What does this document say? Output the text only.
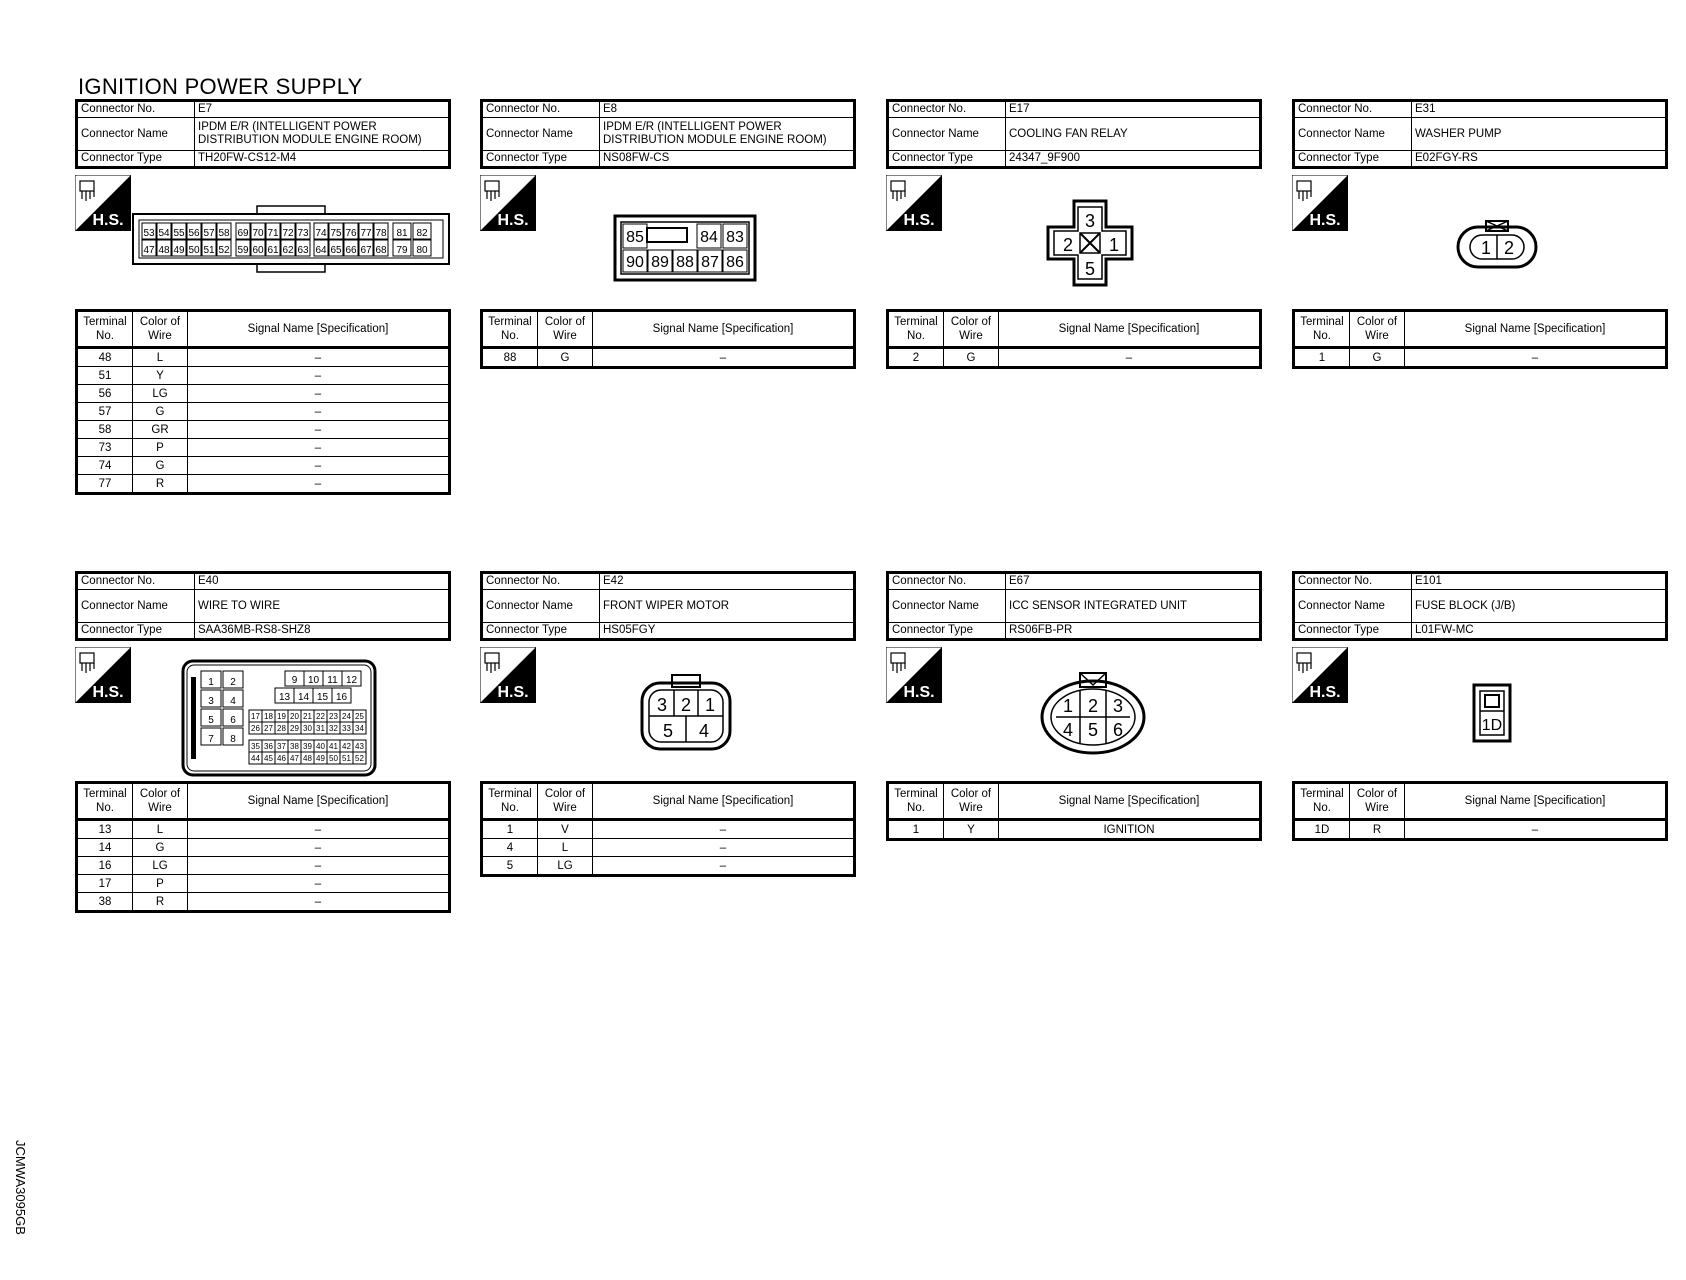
IGNITION POWER SUPPLY
Connector No.	E7
Connector Name	IPDM E/R (INTELLIGENT POWER DISTRIBUTION MODULE ENGINE ROOM)
Connector Type	TH20FW-CS12-M4
H.S.
53
47
54
48
55
49
56
50
57
51
58
52
69
59
70
60
71
61
72
62
73
63
74
64
75
65
76
66
77
67
78
68
81
79
82
80
Terminal No.	Color of Wire	Signal Name [Specification]
48	L	–
51	Y	–
56	LG	–
57	G	–
58	GR	–
73	P	–
74	G	–
77	R	–
Connector No.	E8
Connector Name	IPDM E/R (INTELLIGENT POWER DISTRIBUTION MODULE ENGINE ROOM)
Connector Type	NS08FW-CS
H.S.
85	84 83
90 89 88 87 86
Terminal No.	Color of Wire	Signal Name [Specification]
88	G	–
Connector No.	E17
Connector Name	COOLING FAN RELAY
Connector Type	24347_9F900
H.S.	3
2 1
5
Terminal No.	Color of Wire	Signal Name [Specification]
2	G	–
Connector No.	E31
Connector Name	WASHER PUMP
Connector Type	E02FGY-RS
H.S.
1 2
Terminal No.	Color of Wire	Signal Name [Specification]
1	G	–
Connector No.	E40
Connector Name	WIRE TO WIRE
Connector Type	SAA36MB-RS8-SHZ8
H.S.
1 2
3 4
5 6
7 8
9 10 11 12
13 14 15 16
17 18 19 20 21 22 23 24 25
26 27 28 29 30 31 32 33 34
35 36 37 38 39 40 41 42 43
44 45 46 47 48 49 50 51 52
Terminal No.	Color of Wire	Signal Name [Specification]
13	L	–
14	G	–
16	LG	–
17	P	–
38	R	–
Connector No.	E42
Connector Name	FRONT WIPER MOTOR
Connector Type	HS05FGY
H.S.
3 2 1
5 4
Terminal No.	Color of Wire	Signal Name [Specification]
1	V	–
4	L	–
5	LG	–
Connector No.	E67
Connector Name	ICC SENSOR INTEGRATED UNIT
Connector Type	RS06FB-PR
H.S.
1 2 3
4 5 6
Terminal No.	Color of Wire	Signal Name [Specification]
1	Y	IGNITION
Connector No.	E101
Connector Name	FUSE BLOCK (J/B)
Connector Type	L01FW-MC
H.S.
1D
Terminal No.	Color of Wire	Signal Name [Specification]
1D	R	–
JCMWA3095GB
